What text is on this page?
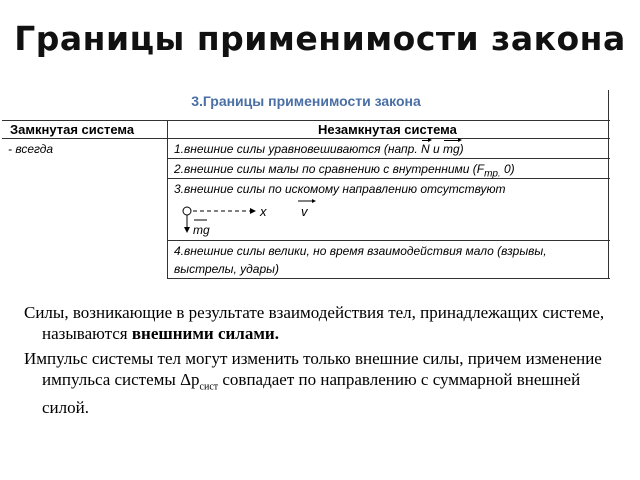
Границы применимости закона
3.Границы применимости закона
Замкнутая система	Незамкнутая система
- всегда	1.внешние силы уравновешиваются (напр. N и mg)
2.внешние силы малы по сравнению с внутренними ($F_{тр.}$ 0)
3.внешние силы по искомому направлению отсутствуют
x	v
mg
4.внешние силы велики, но время взаимодействия мало (взрывы,
выстрелы, удары)

Силы, возникающие в результате взаимодействия тел, принадлежащих системе, называются внешними силами.

Импульс системы тел могут изменить только внешние силы, причем изменение импульса системы $\Delta p_{сист}$ совпадает по направлению с суммарной внешней силой.
